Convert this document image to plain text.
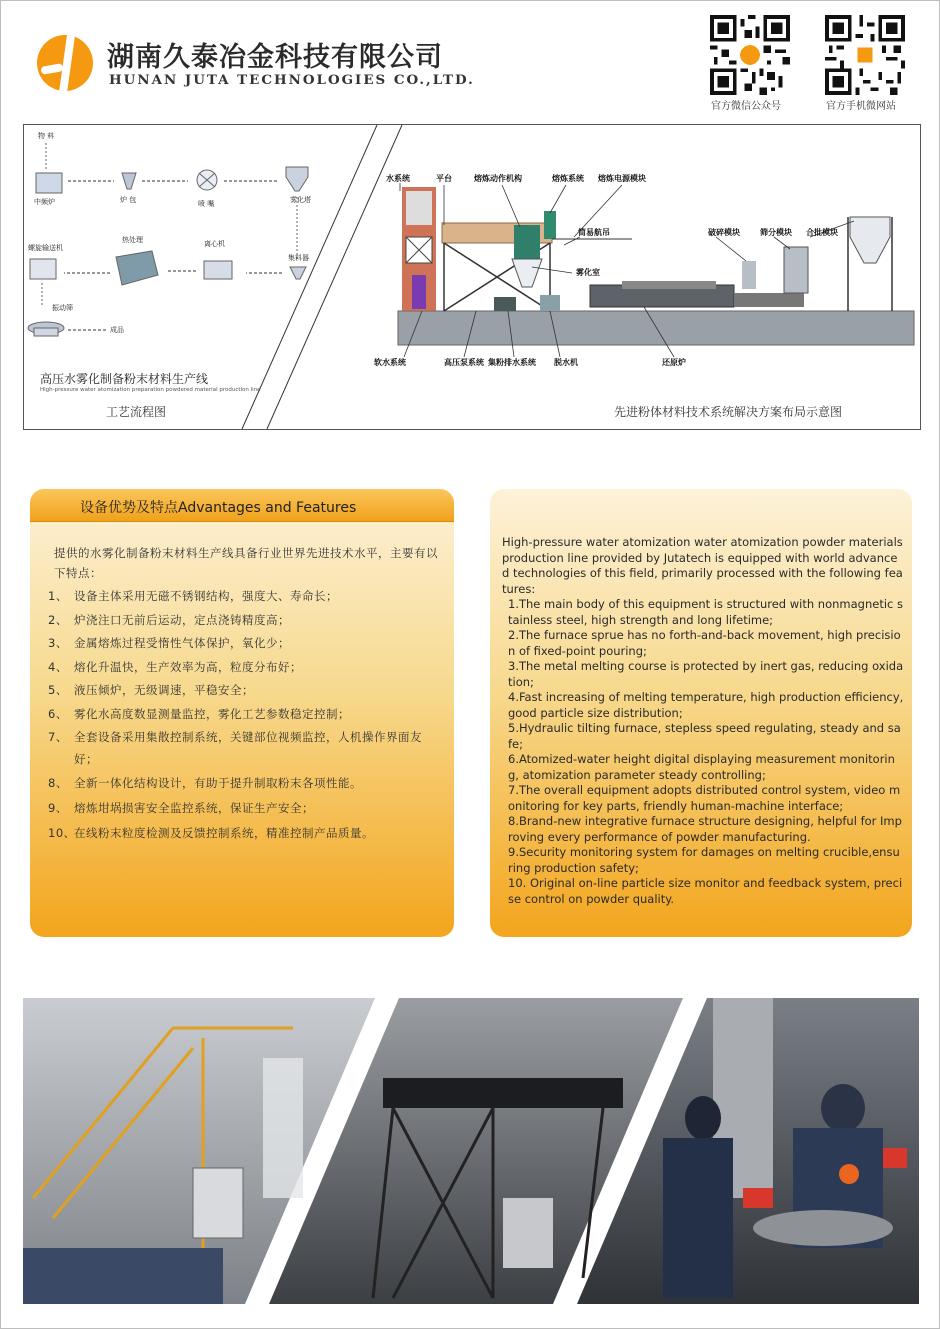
湖南久泰冶金科技有限公司
HUNAN JUTA TECHNOLOGIES CO.,LTD.
官方微信公众号	官方手机微网站
物 料
中频炉	炉 包	喷 嘴	雾化塔
集料器
螺旋输送机
热处理	离心机
振动筛
成品
高压水雾化制备粉末材料生产线
High-pressure water atomization preparation powdered material production line
工艺流程图
水系统	平台	熔炼动作机构	熔炼系统 熔炼电源模块
简易航吊
雾化室
破碎模块	筛分模块 合批模块
软水系统	高压泵系统 集粉排水系统 脱水机	还原炉
先进粉体材料技术系统解决方案布局示意图
设备优势及特点Advantages and Features
提供的水雾化制备粉末材料生产线具备行业世界先进技术水平，主要有以下特点：
1、 设备主体采用无磁不锈钢结构，强度大、寿命长；
2、 炉浇注口无前后运动，定点浇铸精度高；
3、 金属熔炼过程受惰性气体保护，氧化少；
4、 熔化升温快，生产效率为高，粒度分布好；
5、 液压倾炉，无级调速，平稳安全；
6、 雾化水高度数显测量监控，雾化工艺参数稳定控制；
7、 全套设备采用集散控制系统，关键部位视频监控，人机操作界面友好；
8、 全新一体化结构设计，有助于提升制取粉末各项性能。
9、 熔炼坩埚损害安全监控系统，保证生产安全；
10、
在线粉末粒度检测及反馈控制系统，精准控制产品质量。

High-pressure water atomization water atomization powder materials production line provided by Jutatech is equipped with world advanced technologies of this field, primarily processed with the following features:

1.The main body of this equipment is structured with nonmagnetic stainless steel, high strength and long lifetime;

2.The furnace sprue has no forth-and-back movement, high precision of fixed-point pouring;

3.The metal melting course is protected by inert gas, reducing oxidation;

4.Fast increasing of melting temperature, high production efficiency, good particle size distribution;

5.Hydraulic tilting furnace, stepless speed regulating, steady and safe;

6.Atomized-water height digital displaying measurement monitoring, atomization parameter steady controlling;

7.The overall equipment adopts distributed control system, video monitoring for key parts, friendly human-machine interface;

8.Brand-new integrative furnace structure designing, helpful for Improving every performance of powder manufacturing.

9.Security monitoring system for damages on melting crucible,ensuring production safety;

10. Original on-line particle size monitor and feedback system, precise control on powder quality.
